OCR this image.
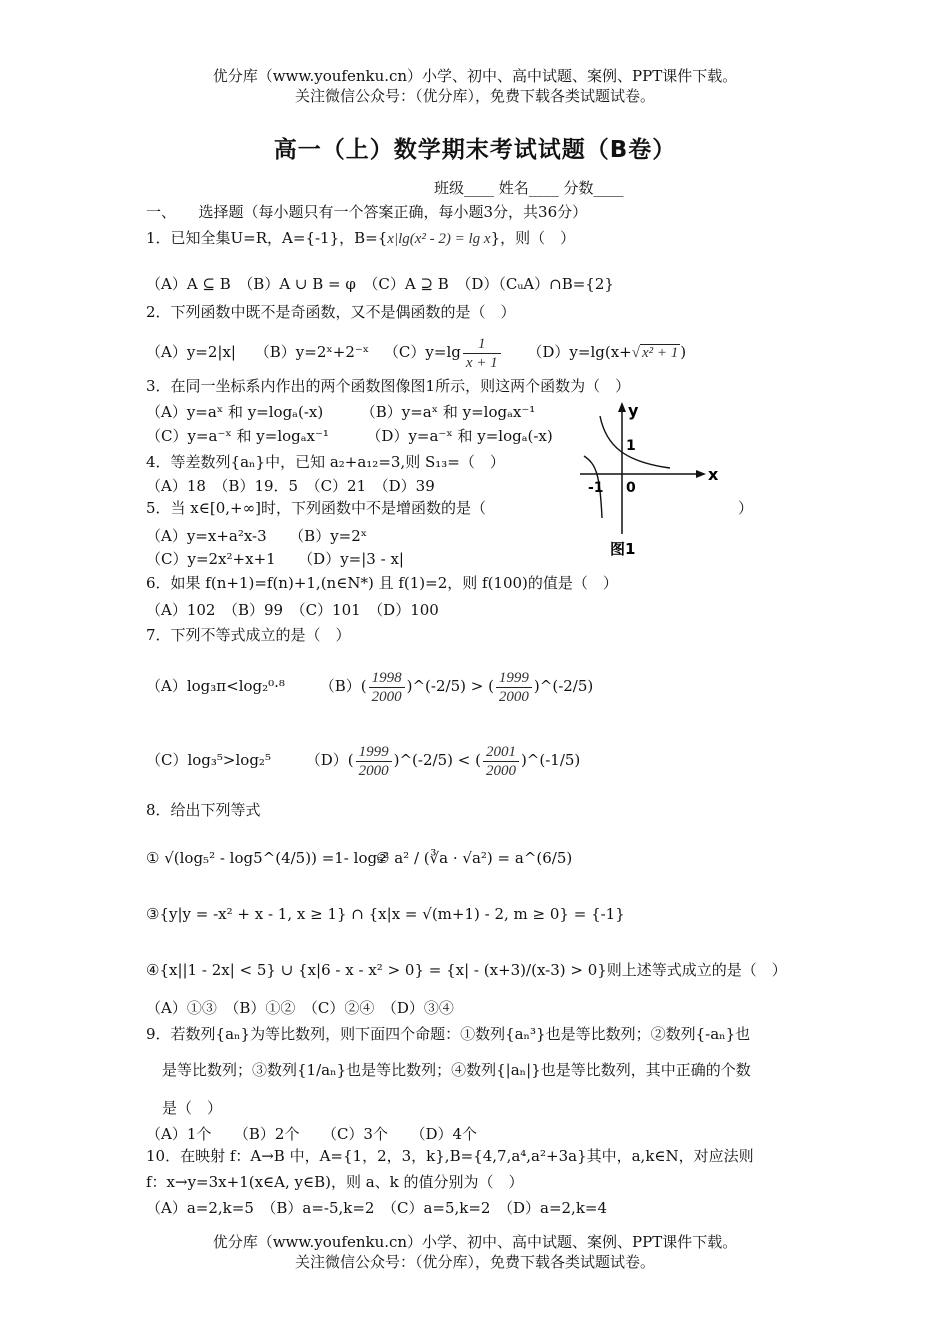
优分库（www.youfenku.cn）小学、初中、高中试题、案例、PPT课件下载。
关注微信公众号：（优分库），免费下载各类试题试卷。
高一（上）数学期末考试试题（B卷）
班级____ 姓名____ 分数____
一、　　选择题（每小题只有一个答案正确，每小题3分，共36分）
1．已知全集U=R，A={-1}，B={x|lg(x² - 2) = lg x}，则（　）
（A）A ⊆ B　（B）A ∪ B = φ　（C）A ⊇ B　（D）（CᵤA）∩B={2}
2．下列函数中既不是奇函数，又不是偶函数的是（　）
（A）y=2|x| （B）y=2ˣ+2⁻ˣ $(C)y=\lg \frac{1}{x + 1} (D)y=\lg(x+√$ x² + 1 )
3．在同一坐标系内作出的两个函数图像图1所示，则这两个函数为（　）
（A）y=aˣ 和 y=logₐ(-x)　　　（B）y=aˣ 和 y=logₐx⁻¹
（C）y=a⁻ˣ 和 y=logₐx⁻¹　　　（D）y=a⁻ˣ 和 y=logₐ(-x)
y
x
1
-1 0
图1
4．等差数列{aₙ}中，已知 a₂+a₁₂=3,则 S₁₃=（　）
（A）18　（B）19．5　（C）21　（D）39
5．当 x∈[0,+∞]时，下列函数中不是增函数的是（	）
（A）y=x+a²x-3　　（B）y=2ˣ
（C）y=2x²+x+1　　（D）y=|3 - x|
6．如果 f(n+1)=f(n)+1,(n∈N*) 且 f(1)=2，则 f(100)的值是（　）
（A）102　（B）99　（C）101　（D）100
7．下列不等式成立的是（　）
（A）log₃π<log₂⁰·⁸ $(B)( \frac{1998}{2000}$ )^(-2/5) > ( $\frac{1999}{2000}$ )^(-2/5)
（C）log₃⁵>log₂⁵ $(D)( \frac{1999}{2000}$ )^(-2/5) < ( $\frac{2001}{2000}$ )^(-1/5)
8．给出下列等式
① √(log₅² - log5^(4/5)) =1- log₅²
② a² / (∛a · √a²) = a^(6/5)
③{y|y = -x² + x - 1, x ≥ 1} ∩ {x|x = √(m+1) - 2, m ≥ 0} = {-1}
④{x||1 - 2x| < 5} ∪ {x|6 - x - x² > 0} = {x| - (x+3)/(x-3) > 0}则上述等式成立的是（　）
（A）①③　（B）①②　（C）②④　（D）③④
9．若数列{aₙ}为等比数列，则下面四个命题：①数列{aₙ³}也是等比数列；②数列{-aₙ}也
是等比数列；③数列{1/aₙ}也是等比数列；④数列{|aₙ|}也是等比数列，其中正确的个数
是（　）
（A）1个　　（B）2个　　（C）3个　　（D）4个
10．在映射 f：A→B 中，A={1，2，3，k},B={4,7,a⁴,a²+3a}其中，a,k∈N，对应法则
f：x→y=3x+1(x∈A, y∈B)，则 a、k 的值分别为（　）
（A）a=2,k=5　（B）a=-5,k=2　（C）a=5,k=2　（D）a=2,k=4
优分库（www.youfenku.cn）小学、初中、高中试题、案例、PPT课件下载。
关注微信公众号：（优分库），免费下载各类试题试卷。
